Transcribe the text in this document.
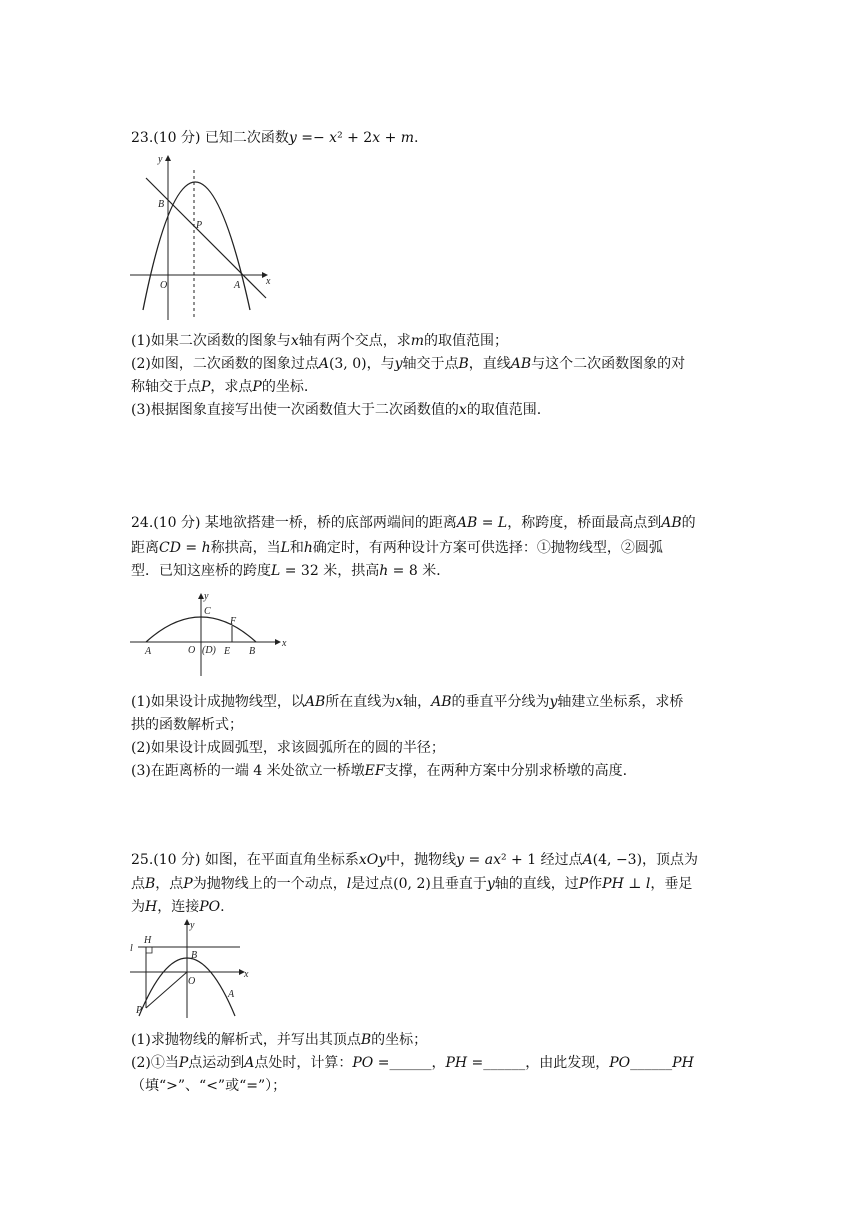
23.(10 分) 已知二次函数𝑦 =− 𝑥² + 2𝑥 + 𝑚.
y
B
P
O	A	x
(1)如果二次函数的图象与𝑥轴有两个交点，求𝑚的取值范围；
(2)如图，二次函数的图象过点𝐴(3, 0)，与𝑦轴交于点𝐵，直线𝐴𝐵与这个二次函数图象的对
称轴交于点𝑃，求点𝑃的坐标.
(3)根据图象直接写出使一次函数值大于二次函数值的𝑥的取值范围.
24.(10 分) 某地欲搭建一桥，桥的底部两端间的距离𝐴𝐵 = 𝐿，称跨度，桥面最高点到𝐴𝐵的
距离𝐶𝐷 = ℎ称拱高，当𝐿和ℎ确定时，有两种设计方案可供选择：①抛物线型，②圆弧
型．已知这座桥的跨度𝐿 = 32 米，拱高ℎ = 8 米．
y
C
F
A	O (D) E B
x
(1)如果设计成抛物线型，以𝐴𝐵所在直线为𝑥轴，𝐴𝐵的垂直平分线为𝑦轴建立坐标系，求桥
拱的函数解析式；
(2)如果设计成圆弧型，求该圆弧所在的圆的半径；
(3)在距离桥的一端 4 米处欲立一桥墩𝐸𝐹支撑，在两种方案中分别求桥墩的高度.
25.(10 分) 如图，在平面直角坐标系𝑥𝑂𝑦中，抛物线𝑦 = 𝑎𝑥² + 1 经过点𝐴(4, −3)，顶点为
点𝐵，点𝑃为抛物线上的一个动点，𝑙是过点(0, 2)且垂直于𝑦轴的直线，过𝑃作𝑃𝐻 ⊥ 𝑙，垂足
为𝐻，连接𝑃𝑂.
l
H
y
B
x
O
P
A
(1)求抛物线的解析式，并写出其顶点𝐵的坐标；
(2)①当𝑃点运动到𝐴点处时，计算：𝑃𝑂 =______，𝑃𝐻 =______，由此发现，𝑃𝑂______𝑃𝐻
（填“>”、“<”或“=”）；
